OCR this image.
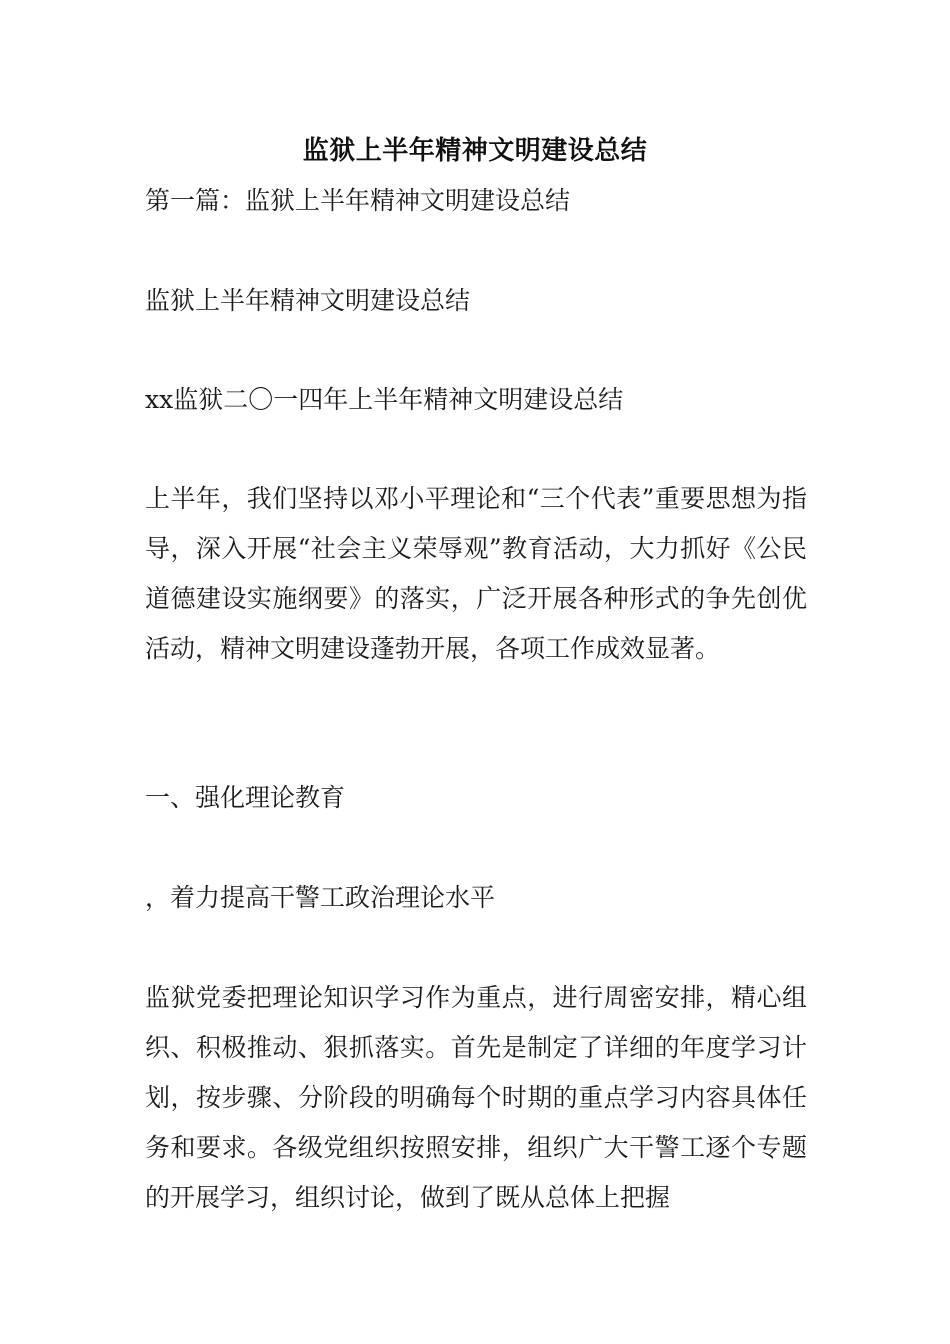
监狱上半年精神文明建设总结
第一篇：监狱上半年精神文明建设总结
监狱上半年精神文明建设总结
xx监狱二〇一四年上半年精神文明建设总结

上半年，我们坚持以邓小平理论和“三个代表”重要思想为指导，深入开展“社会主义荣辱观”教育活动，大力抓好《公民道德建设实施纲要》的落实，广泛开展各种形式的争先创优活动，精神文明建设蓬勃开展，各项工作成效显著。

一、强化理论教育
，着力提高干警工政治理论水平

监狱党委把理论知识学习作为重点，进行周密安排，精心组织、积极推动、狠抓落实。首先是制定了详细的年度学习计划，按步骤、分阶段的明确每个时期的重点学习内容具体任务和要求。各级党组织按照安排，组织广大干警工逐个专题的开展学习，组织讨论，做到了既从总体上把握
